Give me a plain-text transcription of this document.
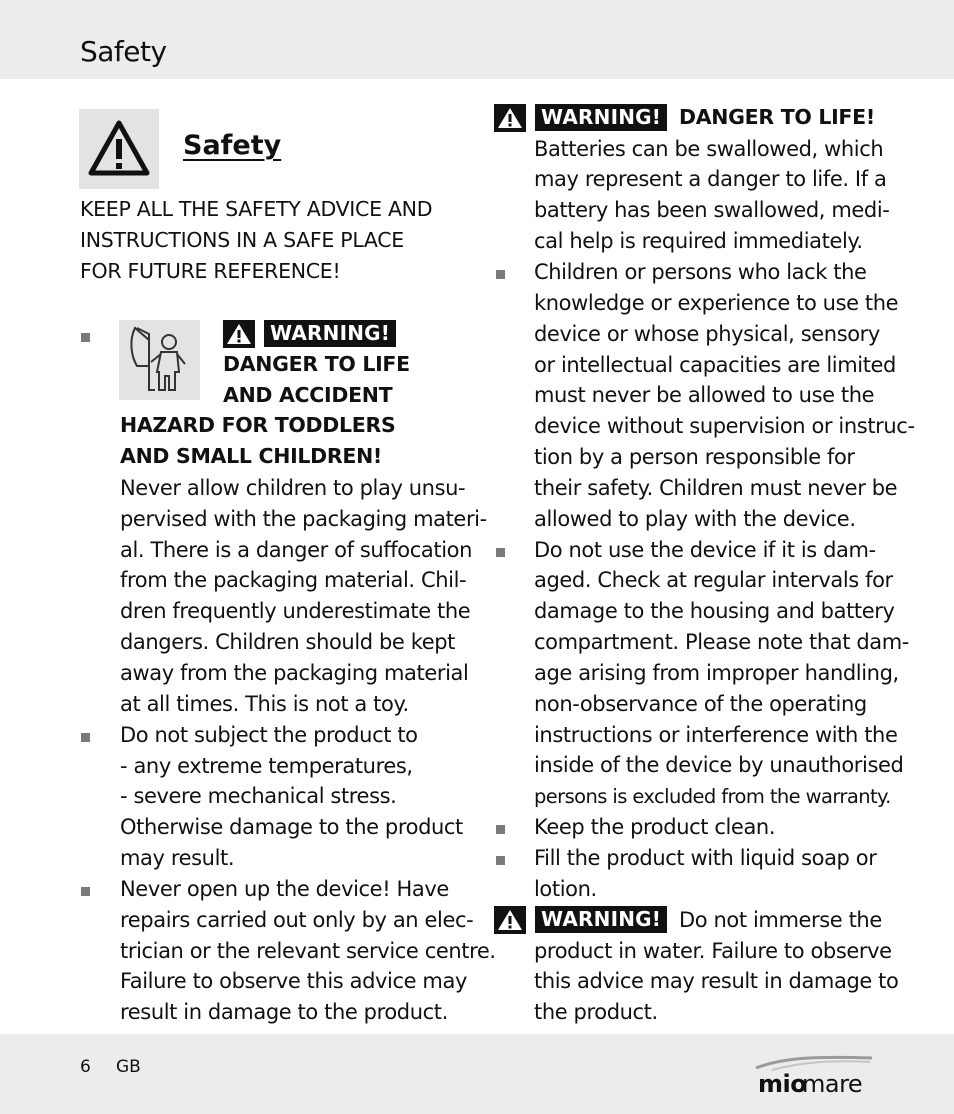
Safety
Safety
KEEP ALL THE SAFETY ADVICE AND
INSTRUCTIONS IN A SAFE PLACE
FOR FUTURE REFERENCE!
WARNING!
DANGER TO LIFE
AND ACCIDENT
HAZARD FOR TODDLERS
AND SMALL CHILDREN!
Never allow children to play unsu-
pervised with the packaging materi-
al. There is a danger of suffocation
from the packaging material. Chil-
dren frequently underestimate the
dangers. Children should be kept
away from the packaging material
at all times. This is not a toy.
Do not subject the product to
- any extreme temperatures,
- severe mechanical stress.
Otherwise damage to the product
may result.
Never open up the device! Have
repairs carried out only by an elec-
trician or the relevant service centre.
Failure to observe this advice may
result in damage to the product.
WARNING! DANGER TO LIFE!
Batteries can be swallowed, which
may represent a danger to life. If a
battery has been swallowed, medi-
cal help is required immediately.
Children or persons who lack the
knowledge or experience to use the
device or whose physical, sensory
or intellectual capacities are limited
must never be allowed to use the
device without supervision or instruc-
tion by a person responsible for
their safety. Children must never be
allowed to play with the device.
Do not use the device if it is dam-
aged. Check at regular intervals for
damage to the housing and battery
compartment. Please note that dam-
age arising from improper handling,
non-observance of the operating
instructions or interference with the
inside of the device by unauthorised
persons is excluded from the warranty.
Keep the product clean.
Fill the product with liquid soap or
lotion.
WARNING! Do not immerse the
product in water. Failure to observe
this advice may result in damage to
the product.
6 GB
mio
mare
